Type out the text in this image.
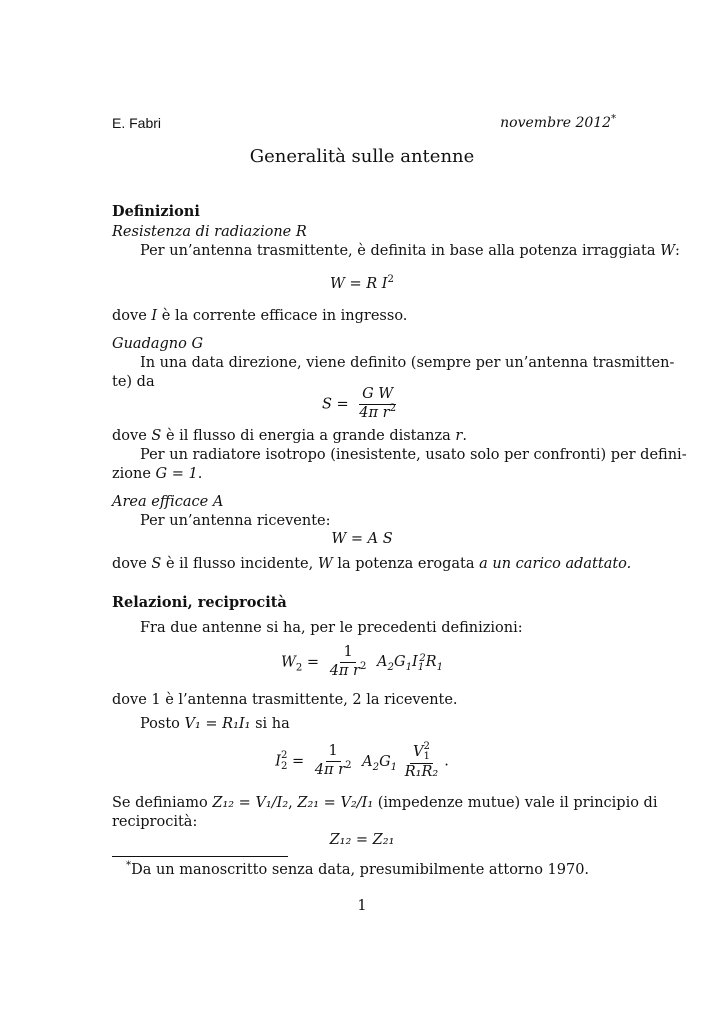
E. Fabri	novembre 2012*
Generalità sulle antenne
Definizioni
Resistenza di radiazione R
Per un’antenna trasmittente, è definita in base alla potenza irraggiata W:
W = R $I^2$
dove I è la corrente efficace in ingresso.
Guadagno G
In una data direzione, viene definito (sempre per un’antenna trasmitten-
te) da
$S = \frac{\text{G W}}{4\pi r^2}$
dove S è il flusso di energia a grande distanza r.
Per un radiatore isotropo (inesistente, usato solo per confronti) per defini-
zione G = 1.
Area efficace A
Per un’antenna ricevente:
W = A S
dove S è il flusso incidente, W la potenza erogata a un carico adattato.
Relazioni, reciprocità
Fra due antenne si ha, per le precedenti definizioni:
$W_2 = \frac{1}{4\pi r^2} A_2G_1I_1^2R_1$
dove 1 è l’antenna trasmittente, 2 la ricevente.
Posto V₁ = R₁I₁ si ha
I 2
$2 = \frac{1}{4\pi r^2} A_2G_1$ V 2
1
R₁R₂ .
Se definiamo Z₁₂ = V₁/I₂, Z₂₁ = V₂/I₁ (impedenze mutue) vale il principio di
reciprocità:
Z₁₂ = Z₂₁
*Da un manoscritto senza data, presumibilmente attorno 1970.
1
